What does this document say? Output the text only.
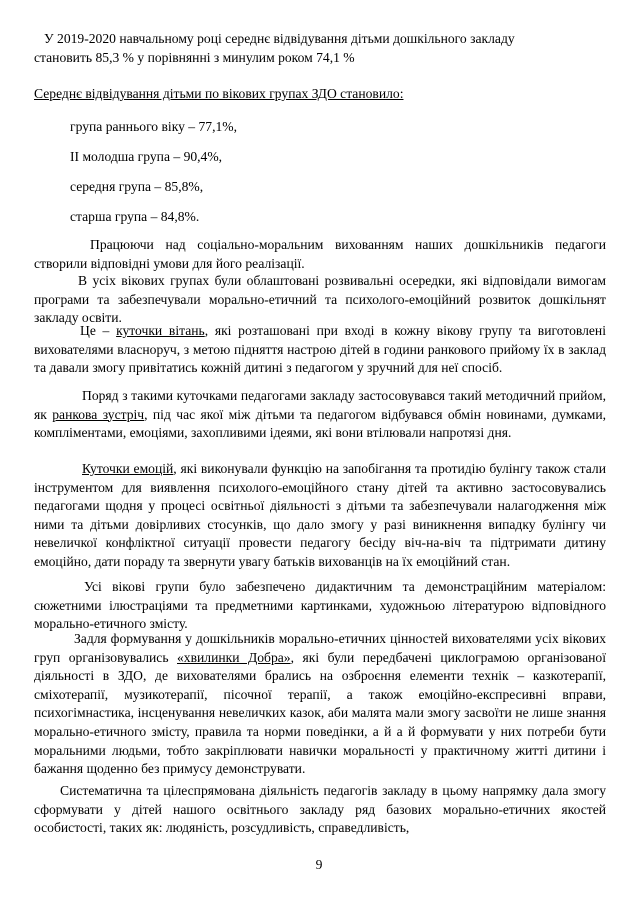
У 2019-2020 навчальному році середнє відвідування дітьми дошкільного закладу
становить 85,3 % у порівнянні з минулим роком 74,1 %

Середнє відвідування дітьми по вікових групах ЗДО становило:

група раннього віку – 77,1%,

ІІ молодша група – 90,4%,

середня група – 85,8%,

старша група – 84,8%.

Працюючи над соціально-моральним вихованням наших дошкільників педагоги створили відповідні умови для його реалізації.

В усіх вікових групах були облаштовані розвивальні осередки, які відповідали вимогам програми та забезпечували морально-етичний та психолого-емоційний розвиток дошкільнят закладу освіти.

Це – куточки вітань, які розташовані при вході в кожну вікову групу та виготовлені вихователями власноруч, з метою підняття настрою дітей в години ранкового прийому їх в заклад та давали змогу привітатись кожній дитині з педагогом у зручний для неї спосіб.

Поряд з такими куточками педагогами закладу застосовувався такий методичний прийом, як ранкова зустріч, під час якої між дітьми та педагогом відбувався обмін новинами, думками, компліментами, емоціями, захопливими ідеями, які вони втілювали напротязі дня.

Куточки емоцій, які виконували функцію на запобігання та протидію булінгу також стали інструментом для виявлення психолого-емоційного стану дітей та активно застосовувались педагогами щодня у процесі освітньої діяльності з дітьми та забезпечували налагодження між ними та дітьми довірливих стосунків, що дало змогу у разі виникнення випадку булінгу чи невеличкої конфліктної ситуації провести педагогу бесіду віч-на-віч та підтримати дитину емоційно, дати пораду та звернути увагу батьків вихованців на їх емоційний стан.

Усі вікові групи було забезпечено дидактичним та демонстраційним матеріалом: сюжетними ілюстраціями та предметними картинками, художньою літературою відповідного морально-етичного змісту.

Задля формування у дошкільників морально-етичних цінностей вихователями усіх вікових груп організовувались «хвилинки Добра», які були передбачені циклограмою організованої діяльності в ЗДО, де вихователями брались на озброєння елементи технік – казкотерапії, сміхотерапії, музикотерапії, пісочної терапії, а також емоційно-експресивні вправи, психогімнастика, інсценування невеличких казок, аби малята мали змогу засвоїти не лише знання морально-етичного змісту, правила та норми поведінки, а й а й формувати у них потреби бути моральними людьми, тобто закріплювати навички моральності у практичному житті дитини і бажання щоденно без примусу демонструвати.

Систематична та цілеспрямована діяльність педагогів закладу в цьому напрямку дала змогу сформувати у дітей нашого освітнього закладу ряд базових морально-етичних якостей особистості, таких як: людяність, розсудливість, справедливість,

9
